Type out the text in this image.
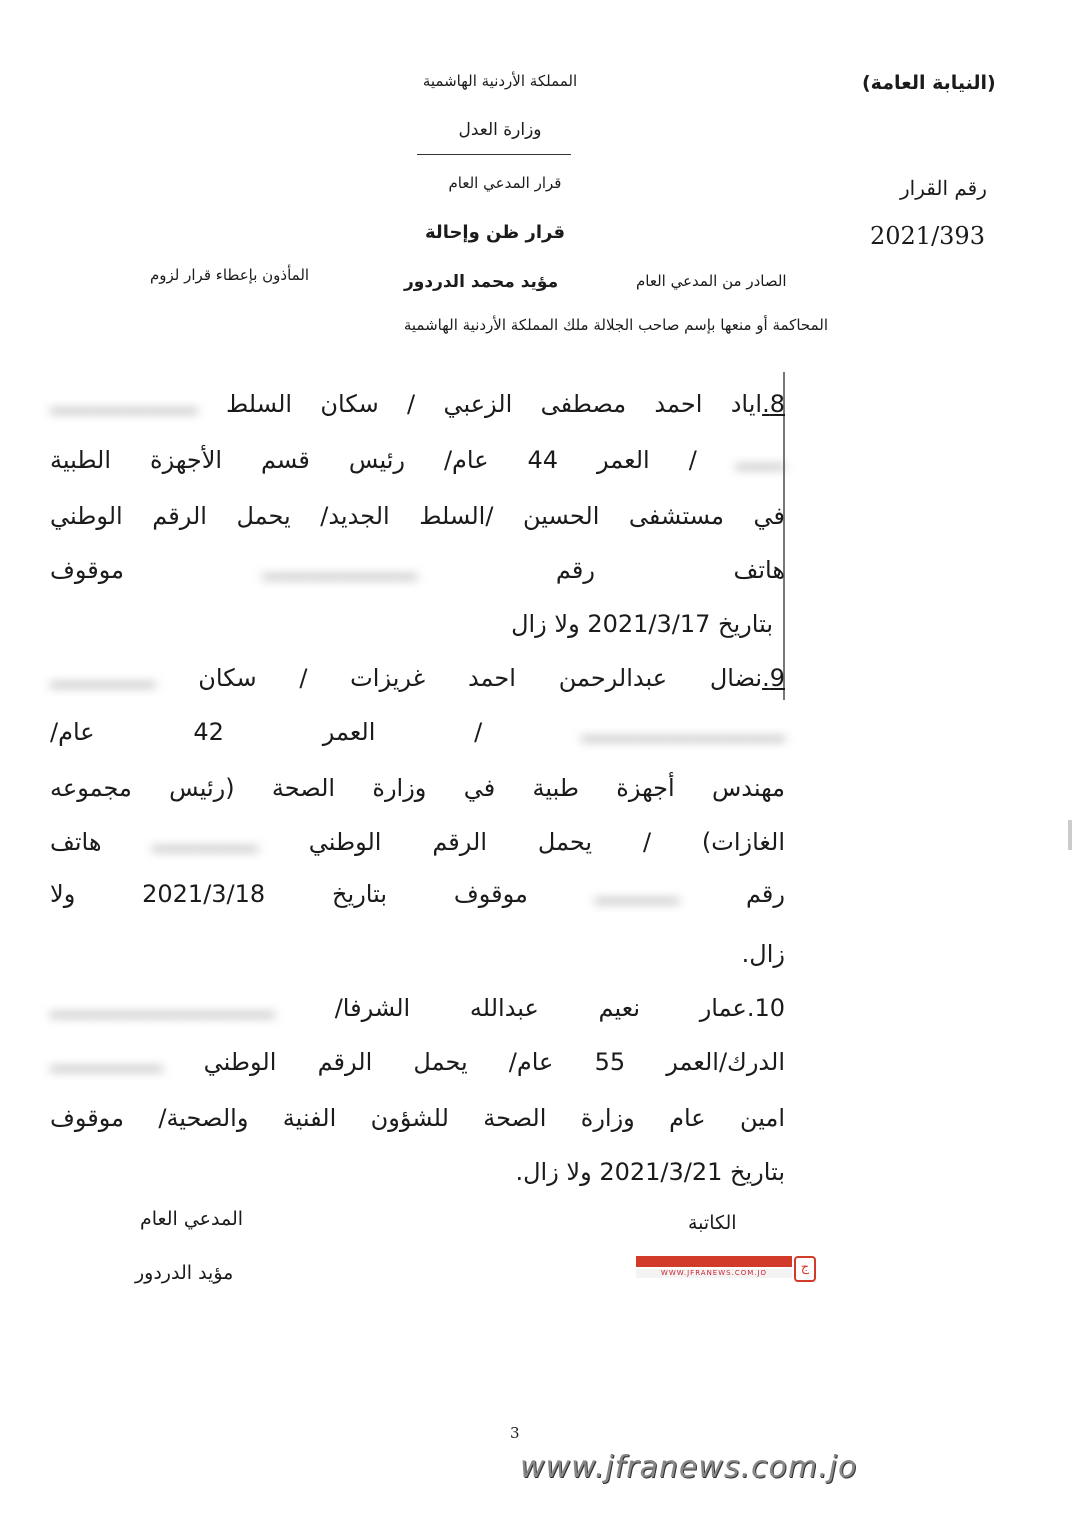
(النيابة العامة)
المملكة الأردنية الهاشمية
وزارة العدل
قرار المدعي العام
قرار ظن وإحالة
رقم القرار
2021/393
الصادر من المدعي العام
مؤيد محمد الدردور
المأذون بإعطاء قرار لزوم
المحاكمة أو منعها بإسم صاحب الجلالة ملك المملكة الأردنية الهاشمية
8.اياد احمد مصطفى الزعبي / سكان السلط ـــــــــــــــــــــ
ـــــــ / العمر 44 عام/ رئيس قسم الأجهزة الطبية
في مستشفى الحسين /السلط الجديد/ يحمل الرقم الوطني
هاتف رقم ــــــــــــــــــــــ موقوف
بتاريخ 2021/3/17 ولا زال
9.نضال عبدالرحمن احمد غريزات / سكان ـــــــــــــــ
ـــــــــــــــــــــــــــــ / العمر 42 عام/
مهندس أجهزة طبية في وزارة الصحة (رئيس مجموعه
الغازات) / يحمل الرقم الوطني ـــــــــــــــ هاتف
رقم ــــــــــــ موقوف بتاريخ 2021/3/18 ولا
زال.
10.عمار نعيم عبدالله الشرفا/ ــــــــــــــــــــــــــــــــ
الدرك/العمر 55 عام/ يحمل الرقم الوطني ــــــــــــــــ
امين عام وزارة الصحة للشؤون الفنية والصحية/ موقوف
بتاريخ 2021/3/21 ولا زال.
الكاتبة
المدعي العام
مؤيد الدردور	WWW.JFRANEWS.COM.JO	ج
3
www.jfranews.com.jo
